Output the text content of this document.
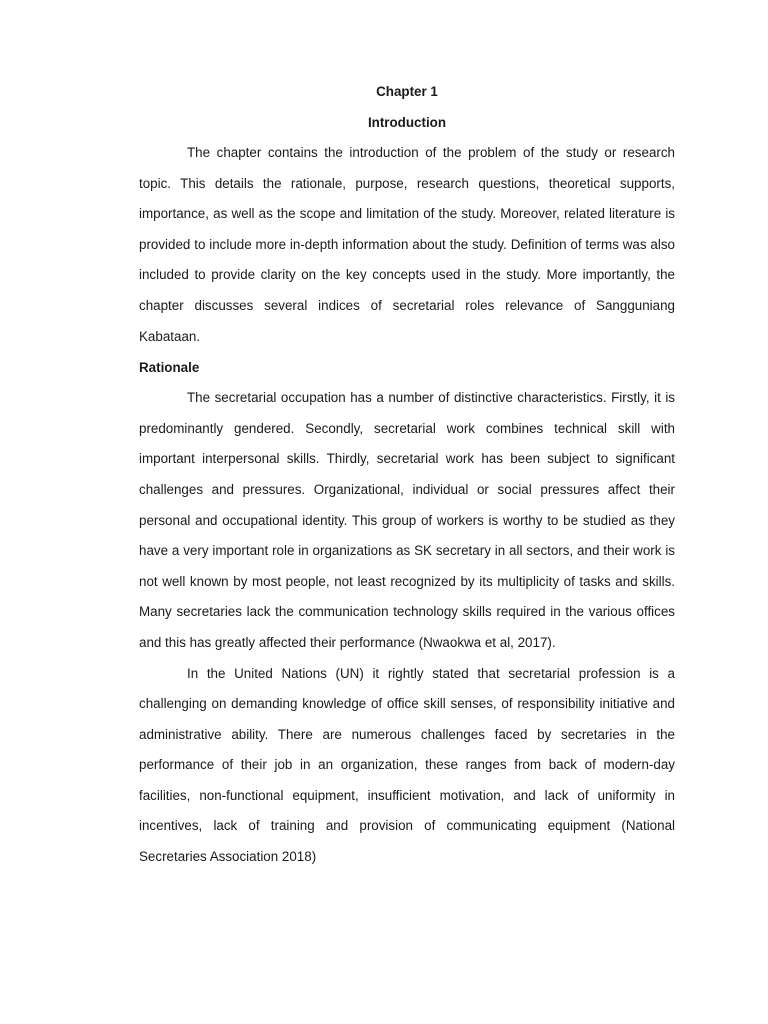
Chapter 1

Introduction

The chapter contains the introduction of the problem of the study or research topic. This details the rationale, purpose, research questions, theoretical supports, importance, as well as the scope and limitation of the study. Moreover, related literature is provided to include more in-depth information about the study. Definition of terms was also included to provide clarity on the key concepts used in the study. More importantly, the chapter discusses several indices of secretarial roles relevance of Sangguniang Kabataan.

Rationale

The secretarial occupation has a number of distinctive characteristics. Firstly, it is predominantly gendered. Secondly, secretarial work combines technical skill with important interpersonal skills. Thirdly, secretarial work has been subject to significant challenges and pressures. Organizational, individual or social pressures affect their personal and occupational identity. This group of workers is worthy to be studied as they have a very important role in organizations as SK secretary in all sectors, and their work is not well known by most people, not least recognized by its multiplicity of tasks and skills. Many secretaries lack the communication technology skills required in the various offices and this has greatly affected their performance (Nwaokwa et al, 2017).

In the United Nations (UN) it rightly stated that secretarial profession is a challenging on demanding knowledge of office skill senses, of responsibility initiative and administrative ability. There are numerous challenges faced by secretaries in the performance of their job in an organization, these ranges from back of modern-day facilities, non-functional equipment, insufficient motivation, and lack of uniformity in incentives, lack of training and provision of communicating equipment (National Secretaries Association 2018)
